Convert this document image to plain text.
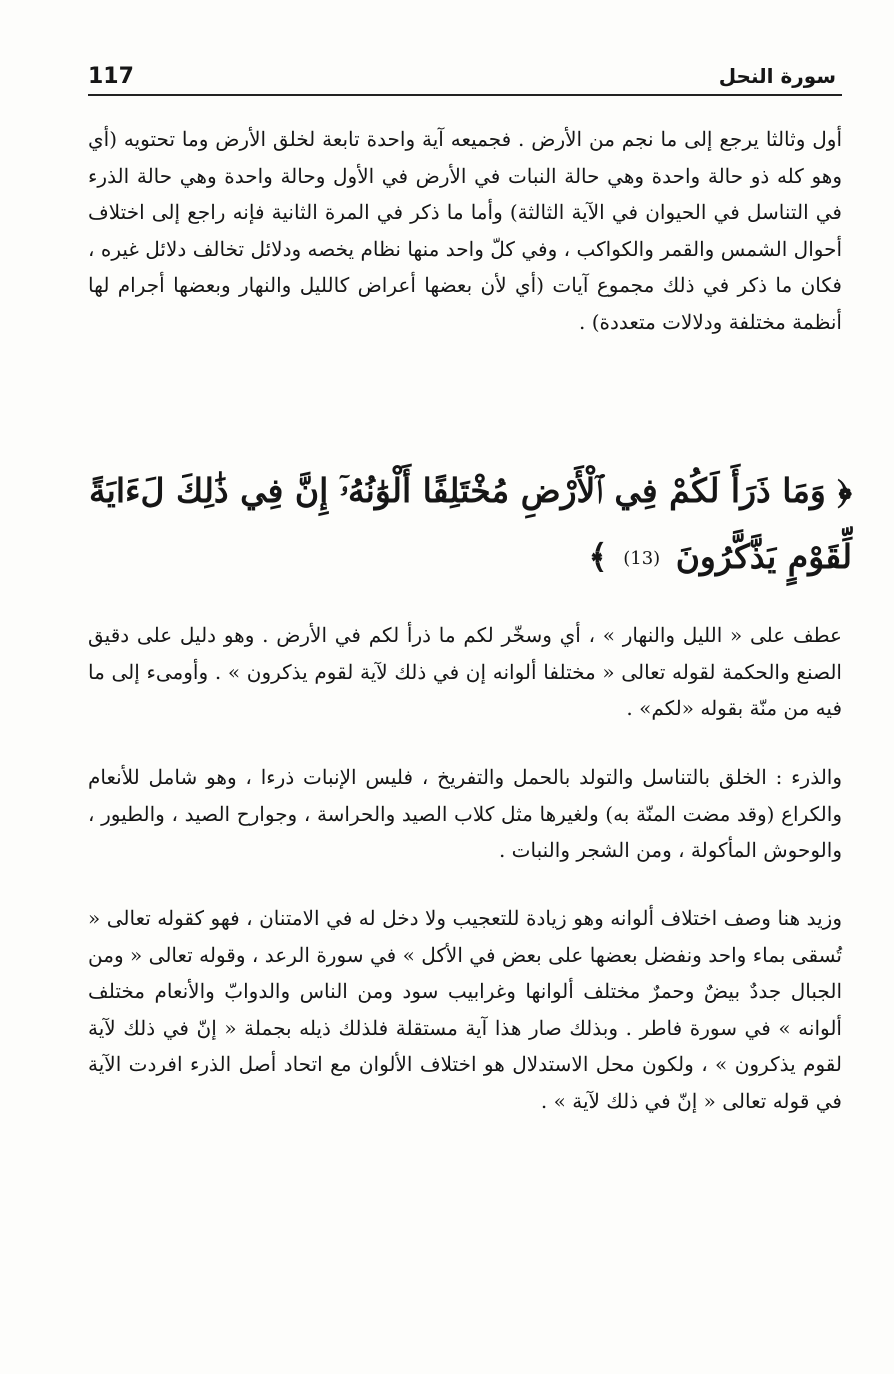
117	سورة النحل

أول وثالثا يرجع إلى ما نجم من الأرض . فجميعه آية واحدة تابعة لخلق الأرض وما تحتويه (أي وهو كله ذو حالة واحدة وهي حالة النبات في الأرض في الأول وحالة واحدة وهي حالة الذرء في التناسل في الحيوان في الآية الثالثة) وأما ما ذكر في المرة الثانية فإنه راجع إلى اختلاف أحوال الشمس والقمر والكواكب ، وفي كلّ واحد منها نظام يخصه ودلائل تخالف دلائل غيره ، فكان ما ذكر في ذلك مجموع آيات (أي لأن بعضها أعراض كالليل والنهار وبعضها أجرام لها أنظمة مختلفة ودلالات متعددة) .

﴿ وَمَا ذَرَأَ لَكُمْ فِي ٱلْأَرْضِ مُخْتَلِفًا أَلْوَٰنُهُۥٓ إِنَّ فِي ذَٰلِكَ لَءَايَةً لِّقَوْمٍ يَذَّكَّرُونَ (13) ﴾

عطف على « الليل والنهار » ، أي وسخّر لكم ما ذرأ لكم في الأرض . وهو دليل على دقيق الصنع والحكمة لقوله تعالى « مختلفا ألوانه إن في ذلك لآية لقوم يذكرون » . وأومىء إلى ما فيه من منّة بقوله «لكم» .

والذرء : الخلق بالتناسل والتولد بالحمل والتفريخ ، فليس الإنبات ذرءا ، وهو شامل للأنعام والكراع (وقد مضت المنّة به) ولغيرها مثل كلاب الصيد والحراسة ، وجوارح الصيد ، والطيور ، والوحوش المأكولة ، ومن الشجر والنبات .

وزيد هنا وصف اختلاف ألوانه وهو زيادة للتعجيب ولا دخل له في الامتنان ، فهو كقوله تعالى « تُسقى بماء واحد ونفضل بعضها على بعض في الأكل » في سورة الرعد ، وقوله تعالى « ومن الجبال جددٌ بيضٌ وحمرٌ مختلف ألوانها وغرابيب سود ومن الناس والدوابّ والأنعام مختلف ألوانه » في سورة فاطر . وبذلك صار هذا آية مستقلة فلذلك ذيله بجملة « إنّ في ذلك لآية لقوم يذكرون » ، ولكون محل الاستدلال هو اختلاف الألوان مع اتحاد أصل الذرء افردت الآية في قوله تعالى « إنّ في ذلك لآية » .
